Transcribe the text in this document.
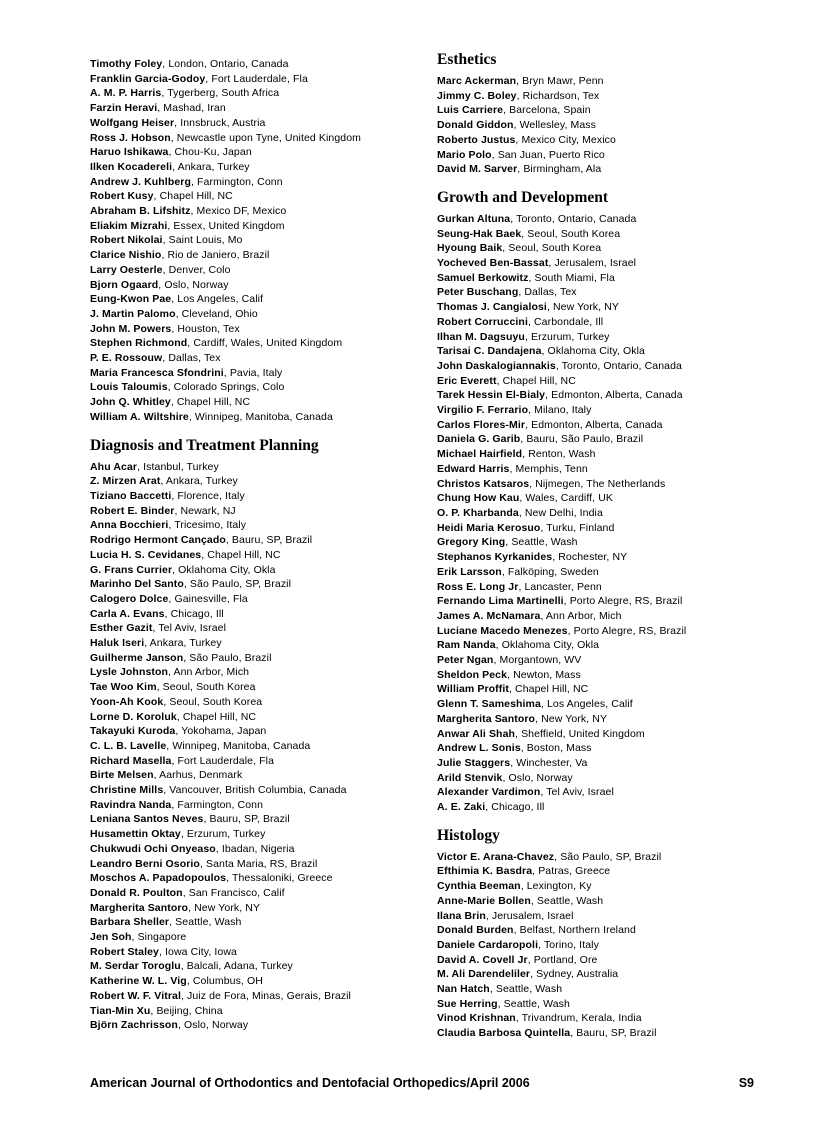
Timothy Foley, London, Ontario, Canada
Franklin Garcia-Godoy, Fort Lauderdale, Fla
A. M. P. Harris, Tygerberg, South Africa
Farzin Heravi, Mashad, Iran
Wolfgang Heiser, Innsbruck, Austria
Ross J. Hobson, Newcastle upon Tyne, United Kingdom
Haruo Ishikawa, Chou-Ku, Japan
Ilken Kocadereli, Ankara, Turkey
Andrew J. Kuhlberg, Farmington, Conn
Robert Kusy, Chapel Hill, NC
Abraham B. Lifshitz, Mexico DF, Mexico
Eliakim Mizrahi, Essex, United Kingdom
Robert Nikolai, Saint Louis, Mo
Clarice Nishio, Rio de Janiero, Brazil
Larry Oesterle, Denver, Colo
Bjorn Ogaard, Oslo, Norway
Eung-Kwon Pae, Los Angeles, Calif
J. Martin Palomo, Cleveland, Ohio
John M. Powers, Houston, Tex
Stephen Richmond, Cardiff, Wales, United Kingdom
P. E. Rossouw, Dallas, Tex
Maria Francesca Sfondrini, Pavia, Italy
Louis Taloumis, Colorado Springs, Colo
John Q. Whitley, Chapel Hill, NC
William A. Wiltshire, Winnipeg, Manitoba, Canada
Diagnosis and Treatment Planning
Ahu Acar, Istanbul, Turkey
Z. Mirzen Arat, Ankara, Turkey
Tiziano Baccetti, Florence, Italy
Robert E. Binder, Newark, NJ
Anna Bocchieri, Tricesimo, Italy
Rodrigo Hermont Cançado, Bauru, SP, Brazil
Lucia H. S. Cevidanes, Chapel Hill, NC
G. Frans Currier, Oklahoma City, Okla
Marinho Del Santo, São Paulo, SP, Brazil
Calogero Dolce, Gainesville, Fla
Carla A. Evans, Chicago, Ill
Esther Gazit, Tel Aviv, Israel
Haluk Iseri, Ankara, Turkey
Guilherme Janson, São Paulo, Brazil
Lysle Johnston, Ann Arbor, Mich
Tae Woo Kim, Seoul, South Korea
Yoon-Ah Kook, Seoul, South Korea
Lorne D. Koroluk, Chapel Hill, NC
Takayuki Kuroda, Yokohama, Japan
C. L. B. Lavelle, Winnipeg, Manitoba, Canada
Richard Masella, Fort Lauderdale, Fla
Birte Melsen, Aarhus, Denmark
Christine Mills, Vancouver, British Columbia, Canada
Ravindra Nanda, Farmington, Conn
Leniana Santos Neves, Bauru, SP, Brazil
Husamettin Oktay, Erzurum, Turkey
Chukwudi Ochi Onyeaso, Ibadan, Nigeria
Leandro Berni Osorio, Santa Maria, RS, Brazil
Moschos A. Papadopoulos, Thessaloniki, Greece
Donald R. Poulton, San Francisco, Calif
Margherita Santoro, New York, NY
Barbara Sheller, Seattle, Wash
Jen Soh, Singapore
Robert Staley, Iowa City, Iowa
M. Serdar Toroglu, Balcali, Adana, Turkey
Katherine W. L. Vig, Columbus, OH
Robert W. F. Vitral, Juiz de Fora, Minas, Gerais, Brazil
Tian-Min Xu, Beijing, China
Björn Zachrisson, Oslo, Norway
Esthetics
Marc Ackerman, Bryn Mawr, Penn
Jimmy C. Boley, Richardson, Tex
Luis Carriere, Barcelona, Spain
Donald Giddon, Wellesley, Mass
Roberto Justus, Mexico City, Mexico
Mario Polo, San Juan, Puerto Rico
David M. Sarver, Birmingham, Ala
Growth and Development
Gurkan Altuna, Toronto, Ontario, Canada
Seung-Hak Baek, Seoul, South Korea
Hyoung Baik, Seoul, South Korea
Yocheved Ben-Bassat, Jerusalem, Israel
Samuel Berkowitz, South Miami, Fla
Peter Buschang, Dallas, Tex
Thomas J. Cangialosi, New York, NY
Robert Corruccini, Carbondale, Ill
Ilhan M. Dagsuyu, Erzurum, Turkey
Tarisai C. Dandajena, Oklahoma City, Okla
John Daskalogiannakis, Toronto, Ontario, Canada
Eric Everett, Chapel Hill, NC
Tarek Hessin El-Bialy, Edmonton, Alberta, Canada
Virgilio F. Ferrario, Milano, Italy
Carlos Flores-Mir, Edmonton, Alberta, Canada
Daniela G. Garib, Bauru, São Paulo, Brazil
Michael Hairfield, Renton, Wash
Edward Harris, Memphis, Tenn
Christos Katsaros, Nijmegen, The Netherlands
Chung How Kau, Wales, Cardiff, UK
O. P. Kharbanda, New Delhi, India
Heidi Maria Kerosuo, Turku, Finland
Gregory King, Seattle, Wash
Stephanos Kyrkanides, Rochester, NY
Erik Larsson, Falköping, Sweden
Ross E. Long Jr, Lancaster, Penn
Fernando Lima Martinelli, Porto Alegre, RS, Brazil
James A. McNamara, Ann Arbor, Mich
Luciane Macedo Menezes, Porto Alegre, RS, Brazil
Ram Nanda, Oklahoma City, Okla
Peter Ngan, Morgantown, WV
Sheldon Peck, Newton, Mass
William Proffit, Chapel Hill, NC
Glenn T. Sameshima, Los Angeles, Calif
Margherita Santoro, New York, NY
Anwar Ali Shah, Sheffield, United Kingdom
Andrew L. Sonis, Boston, Mass
Julie Staggers, Winchester, Va
Arild Stenvik, Oslo, Norway
Alexander Vardimon, Tel Aviv, Israel
A. E. Zaki, Chicago, Ill
Histology
Victor E. Arana-Chavez, São Paulo, SP, Brazil
Efthimia K. Basdra, Patras, Greece
Cynthia Beeman, Lexington, Ky
Anne-Marie Bollen, Seattle, Wash
Ilana Brin, Jerusalem, Israel
Donald Burden, Belfast, Northern Ireland
Daniele Cardaropoli, Torino, Italy
David A. Covell Jr, Portland, Ore
M. Ali Darendeliler, Sydney, Australia
Nan Hatch, Seattle, Wash
Sue Herring, Seattle, Wash
Vinod Krishnan, Trivandrum, Kerala, India
Claudia Barbosa Quintella, Bauru, SP, Brazil
American Journal of Orthodontics and Dentofacial Orthopedics/April 2006	S9
